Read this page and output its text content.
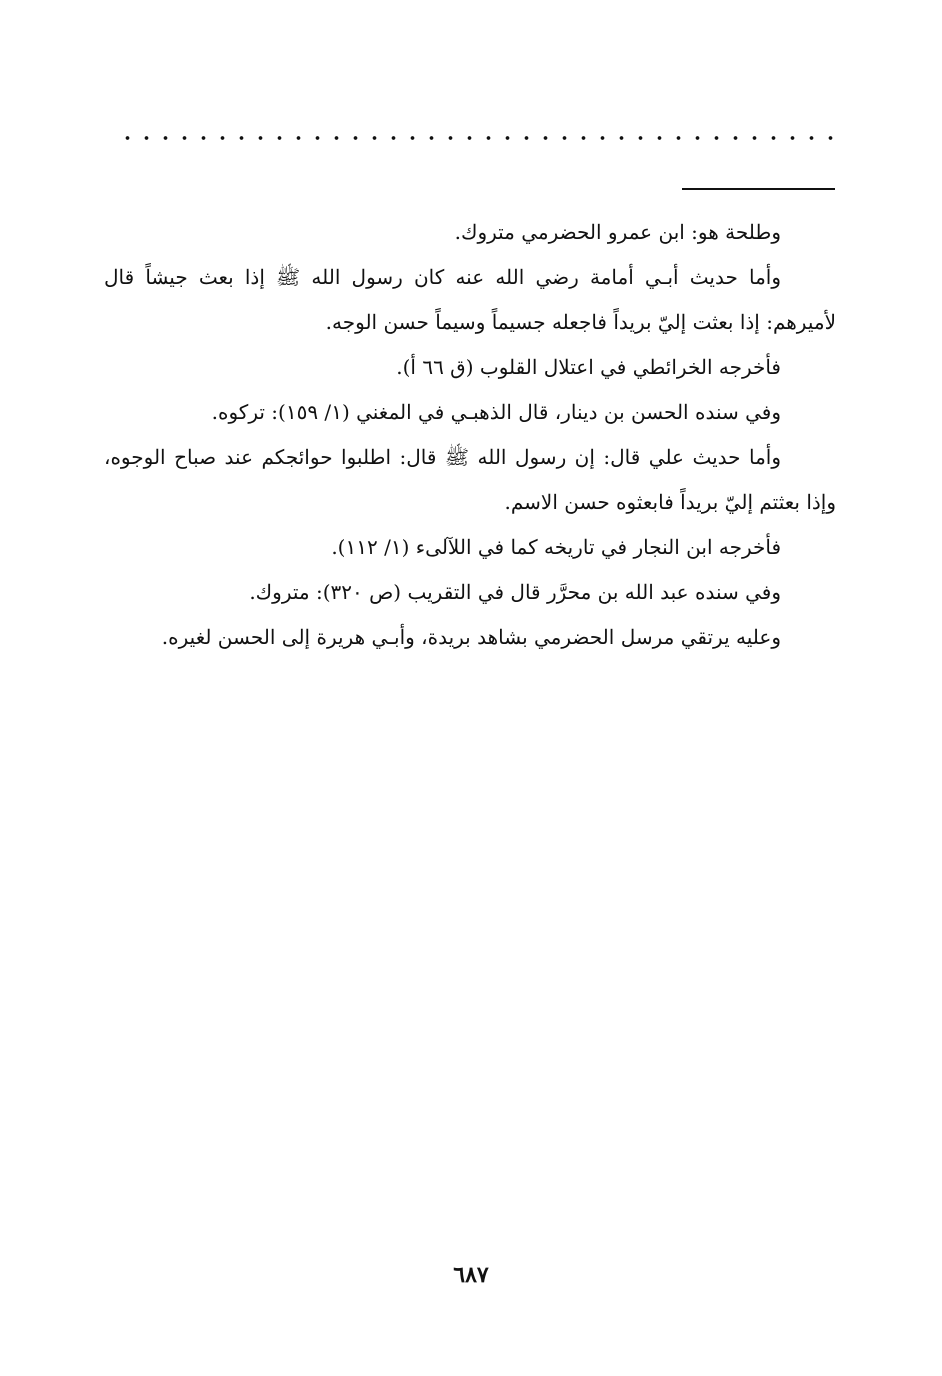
وطلحة هو: ابن عمرو الحضرمي متروك.

وأما حديث أبـي أمامة رضي الله عنه كان رسول الله ﷺ إذا بعث جيشاً قال لأميرهم: إذا بعثت إليّ بريداً فاجعله جسيماً وسيماً حسن الوجه.

فأخرجه الخرائطي في اعتلال القلوب (ق ٦٦ أ).

وفي سنده الحسن بن دينار، قال الذهبـي في المغني (١/ ١٥٩): تركوه.

وأما حديث علي قال: إن رسول الله ﷺ قال: اطلبوا حوائجكم عند صباح الوجوه، وإذا بعثتم إليّ بريداً فابعثوه حسن الاسم.

فأخرجه ابن النجار في تاريخه كما في اللآلىء (١/ ١١٢).

وفي سنده عبد الله بن محرَّر قال في التقريب (ص ٣٢٠): متروك.

وعليه يرتقي مرسل الحضرمي بشاهد بريدة، وأبـي هريرة إلى الحسن لغيره.

٦٨٧
